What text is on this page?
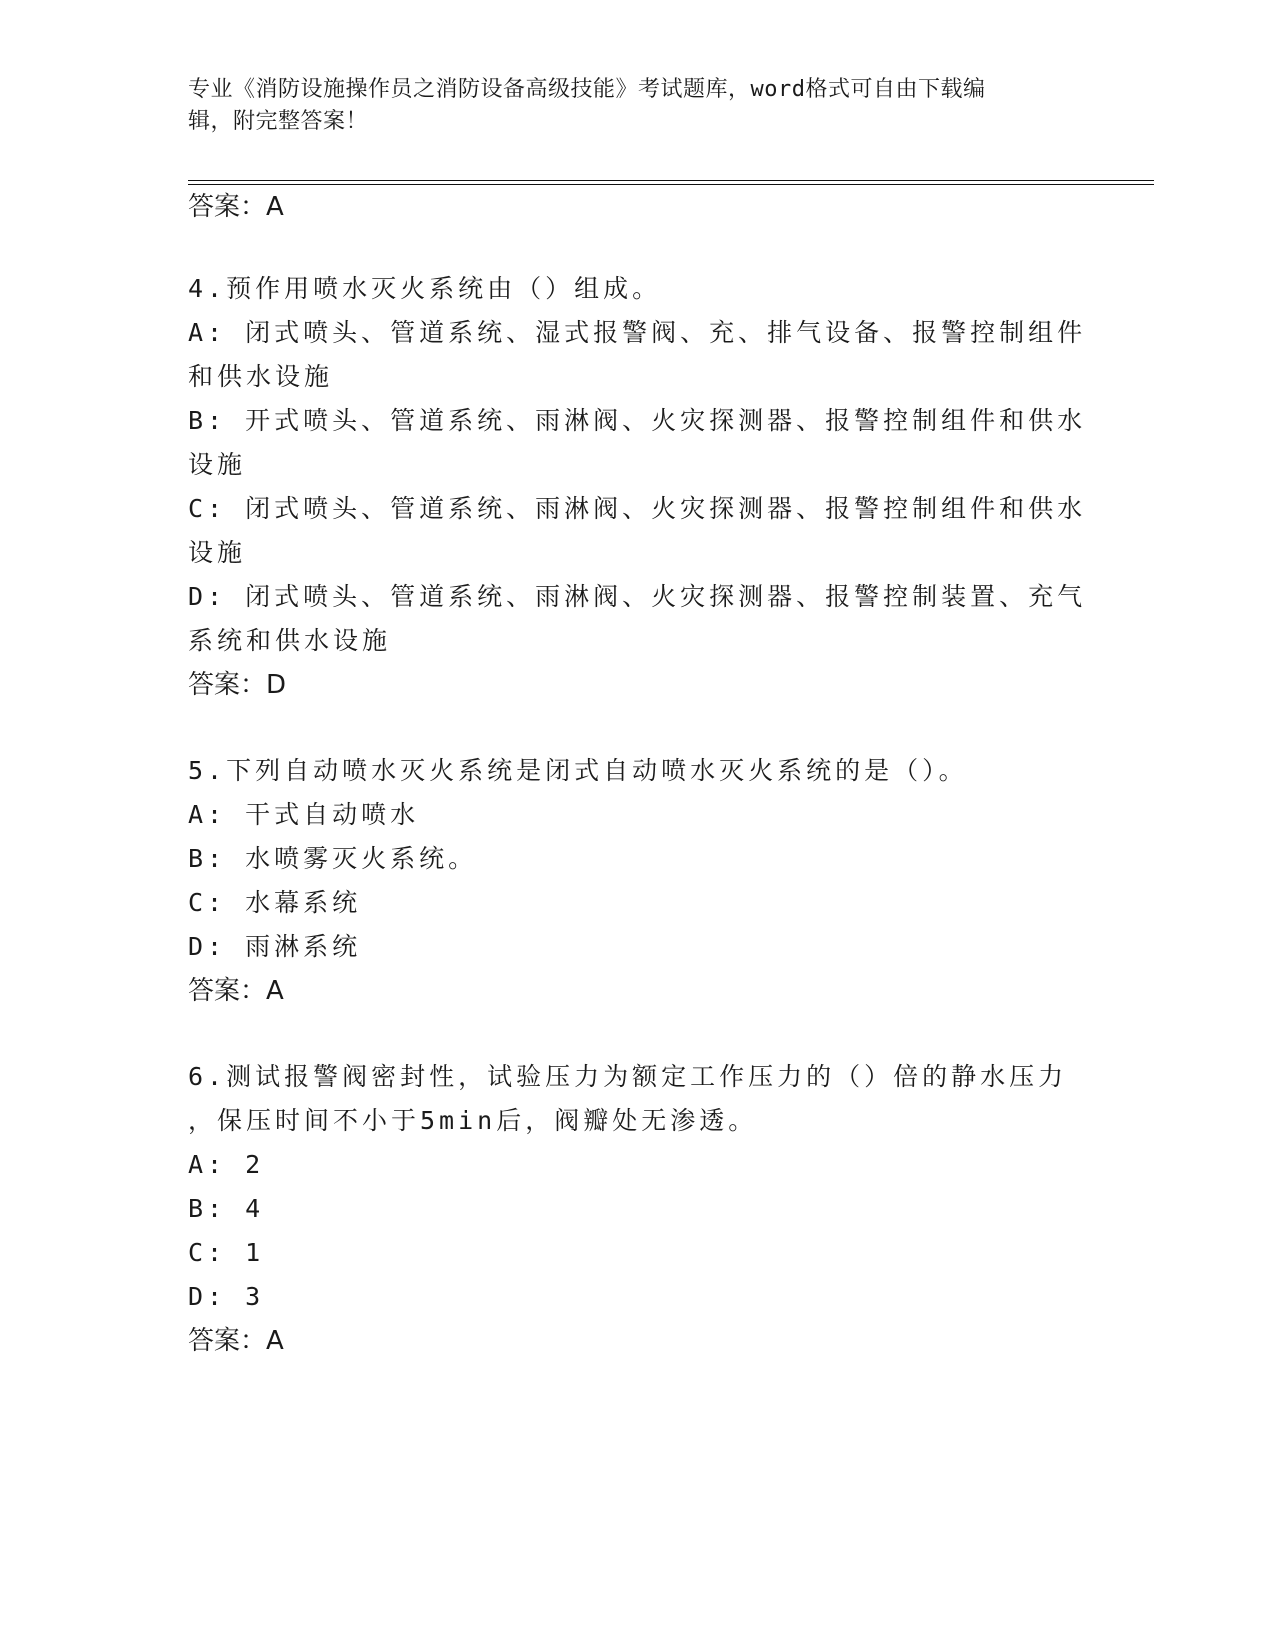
专业《消防设施操作员之消防设备高级技能》考试题库，word格式可自由下载编
辑，附完整答案！
答案：A
4.预作用喷水灭火系统由（）组成。
A: 闭式喷头、管道系统、湿式报警阀、充、排气设备、报警控制组件
和供水设施
B: 开式喷头、管道系统、雨淋阀、火灾探测器、报警控制组件和供水
设施
C: 闭式喷头、管道系统、雨淋阀、火灾探测器、报警控制组件和供水
设施
D: 闭式喷头、管道系统、雨淋阀、火灾探测器、报警控制装置、充气
系统和供水设施
答案：D
5.下列自动喷水灭火系统是闭式自动喷水灭火系统的是（）。
A: 干式自动喷水
B: 水喷雾灭火系统。
C: 水幕系统
D: 雨淋系统
答案：A
6.测试报警阀密封性，试验压力为额定工作压力的（）倍的静水压力
，保压时间不小于5min后，阀瓣处无渗透。
A: 2
B: 4
C: 1
D: 3
答案：A
